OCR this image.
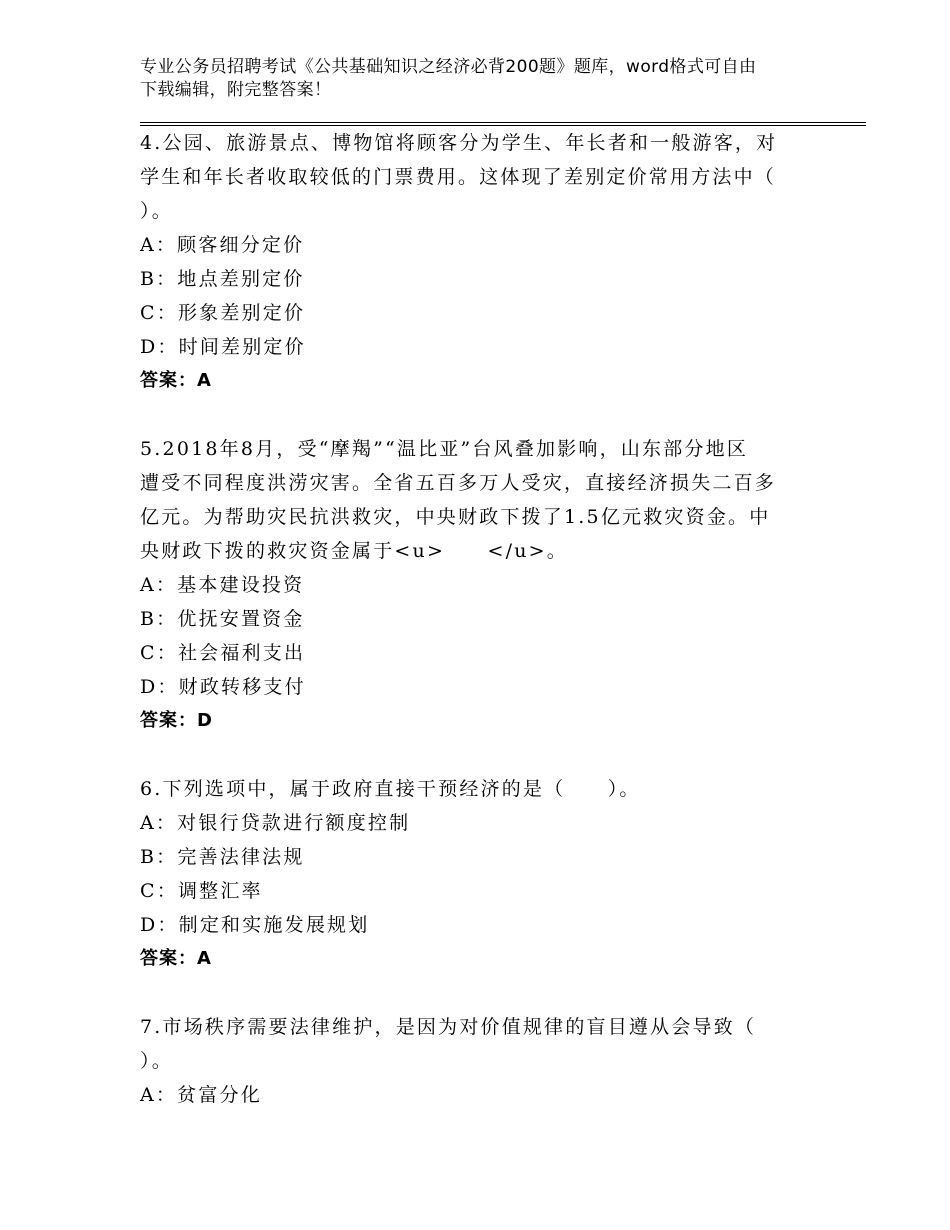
专业公务员招聘考试《公共基础知识之经济必背200题》题库，word格式可自由
下载编辑，附完整答案！

4.公园、旅游景点、博物馆将顾客分为学生、年长者和一般游客，对

学生和年长者收取较低的门票费用。这体现了差别定价常用方法中（

）。

A：顾客细分定价

B：地点差别定价

C：形象差别定价

D：时间差别定价

答案：A

5.2018年8月，受“摩羯”“温比亚”台风叠加影响，山东部分地区

遭受不同程度洪涝灾害。全省五百多万人受灾，直接经济损失二百多

亿元。为帮助灾民抗洪救灾，中央财政下拨了1.5亿元救灾资金。中

央财政下拨的救灾资金属于<u>　　</u>。

A：基本建设投资

B：优抚安置资金

C：社会福利支出

D：财政转移支付

答案：D

6.下列选项中，属于政府直接干预经济的是（　　）。

A：对银行贷款进行额度控制

B：完善法律法规

C：调整汇率

D：制定和实施发展规划

答案：A

7.市场秩序需要法律维护，是因为对价值规律的盲目遵从会导致（

）。

A：贫富分化
